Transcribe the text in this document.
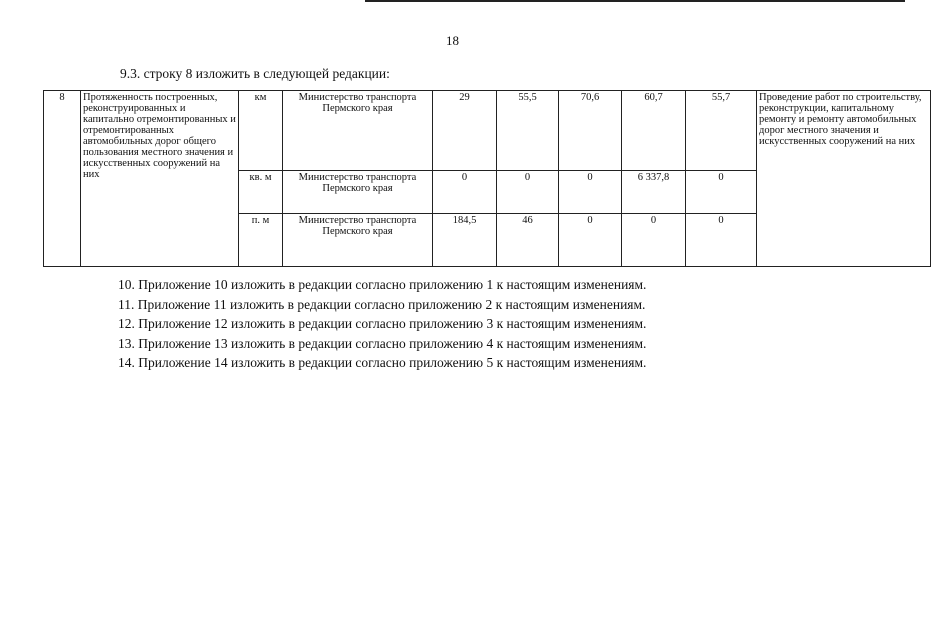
18
9.3. строку 8 изложить в следующей редакции:
8	Протяженность построенных, реконструированных и капитально отремонтированных и отремонтированных автомобильных дорог общего пользования местного значения и искусственных сооружений на них	км	Министерство транспорта Пермского края	29	55,5	70,6	60,7	55,7	Проведение работ по строительству, реконструкции, капитальному ремонту и ремонту автомобильных дорог местного значения и искусственных сооружений на них
		кв. м	Министерство транспорта Пермского края	0	0	0	6 337,8	0	
		п. м	Министерство транспорта Пермского края	184,5	46	0	0	0	
10. Приложение 10 изложить в редакции согласно приложению 1 к настоящим изменениям.
11. Приложение 11 изложить в редакции согласно приложению 2 к настоящим изменениям.
12. Приложение 12 изложить в редакции согласно приложению 3 к настоящим изменениям.
13. Приложение 13 изложить в редакции согласно приложению 4 к настоящим изменениям.
14. Приложение 14 изложить в редакции согласно приложению 5 к настоящим изменениям.
